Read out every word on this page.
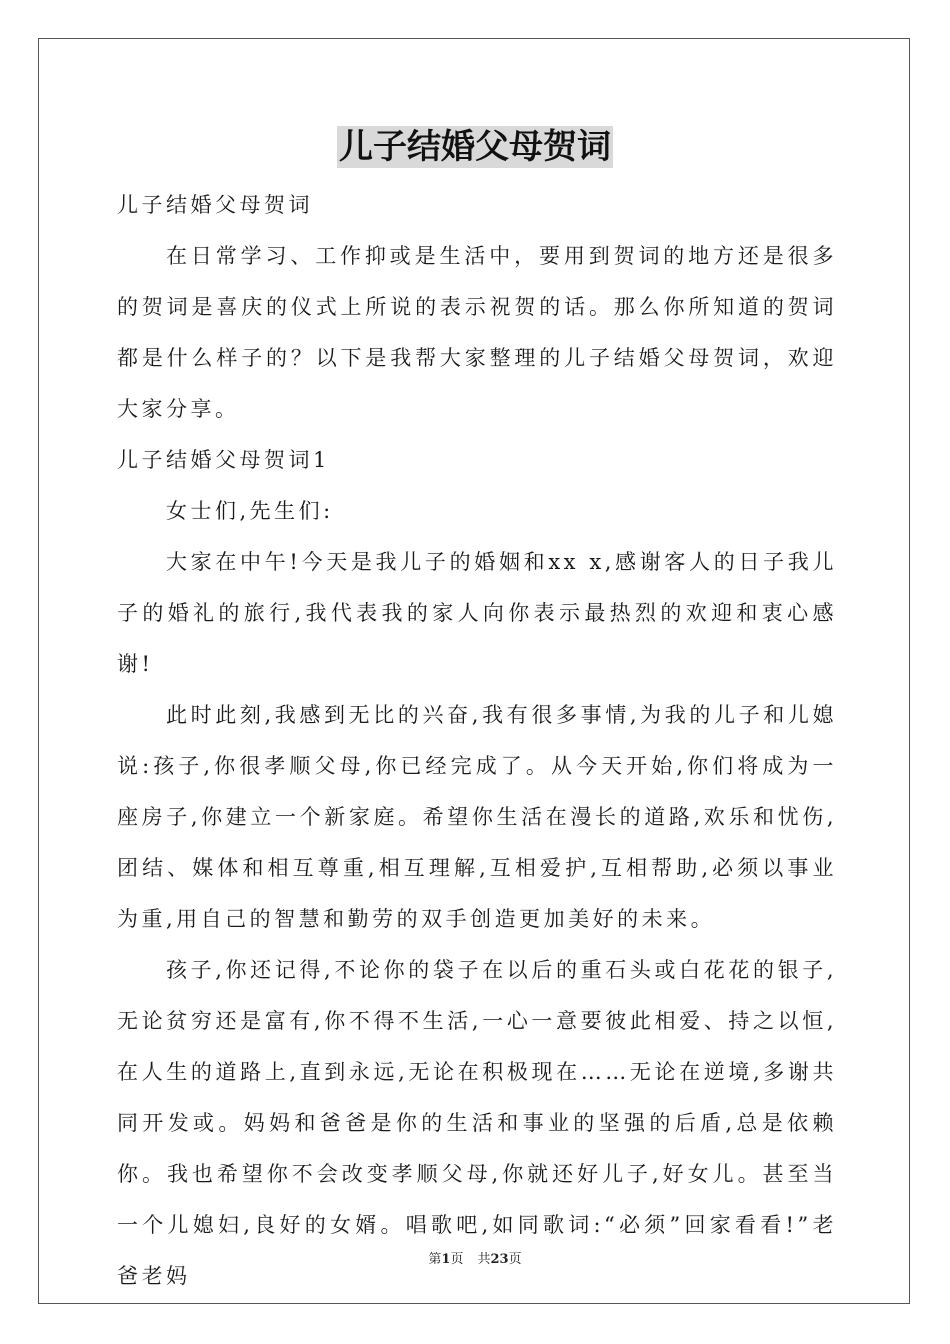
儿子结婚父母贺词

儿子结婚父母贺词

在日常学习、工作抑或是生活中，要用到贺词的地方还是很多的贺词是喜庆的仪式上所说的表示祝贺的话。那么你所知道的贺词都是什么样子的？以下是我帮大家整理的儿子结婚父母贺词，欢迎大家分享。

儿子结婚父母贺词1

女士们,先生们:

大家在中午!今天是我儿子的婚姻和xx x,感谢客人的日子我儿子的婚礼的旅行,我代表我的家人向你表示最热烈的欢迎和衷心感谢!

此时此刻,我感到无比的兴奋,我有很多事情,为我的儿子和儿媳说:孩子,你很孝顺父母,你已经完成了。从今天开始,你们将成为一座房子,你建立一个新家庭。希望你生活在漫长的道路,欢乐和忧伤,团结、媒体和相互尊重,相互理解,互相爱护,互相帮助,必须以事业为重,用自己的智慧和勤劳的双手创造更加美好的未来。

孩子,你还记得,不论你的袋子在以后的重石头或白花花的银子,无论贫穷还是富有,你不得不生活,一心一意要彼此相爱、持之以恒,在人生的道路上,直到永远,无论在积极现在……无论在逆境,多谢共同开发或。妈妈和爸爸是你的生活和事业的坚强的后盾,总是依赖你。我也希望你不会改变孝顺父母,你就还好儿子,好女儿。甚至当一个儿媳妇,良好的女婿。唱歌吧,如同歌词:“必须”回家看看!”老爸老妈

第1页 共23页
